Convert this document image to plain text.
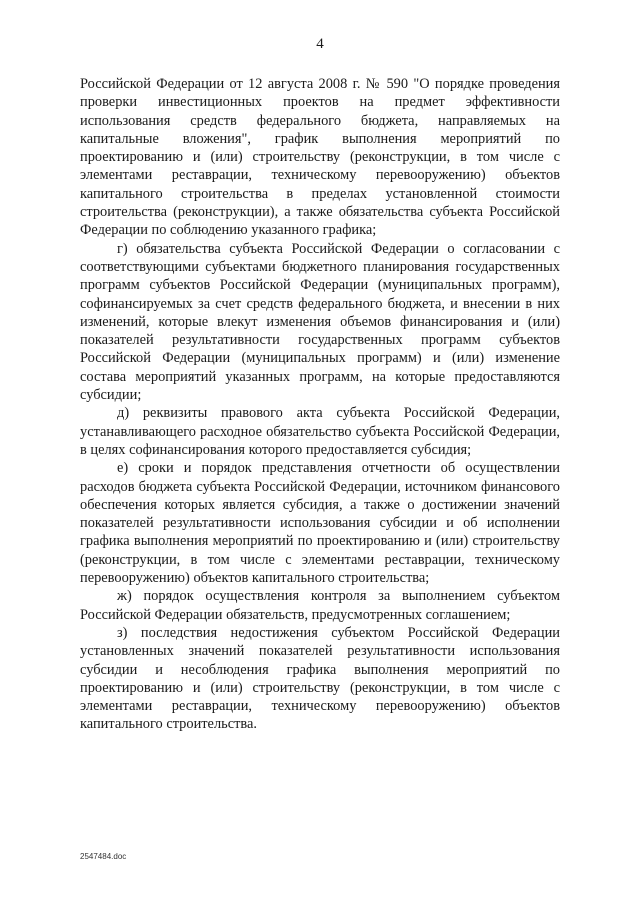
4

Российской Федерации от 12 августа 2008 г. № 590 "О порядке проведения проверки инвестиционных проектов на предмет эффективности использования средств федерального бюджета, направляемых на капитальные вложения", график выполнения мероприятий по проектированию и (или) строительству (реконструкции, в том числе с элементами реставрации, техническому перевооружению) объектов капитального строительства в пределах установленной стоимости строительства (реконструкции), а также обязательства субъекта Российской Федерации по соблюдению указанного графика;

г) обязательства субъекта Российской Федерации о согласовании с соответствующими субъектами бюджетного планирования государственных программ субъектов Российской Федерации (муниципальных программ), софинансируемых за счет средств федерального бюджета, и внесении в них изменений, которые влекут изменения объемов финансирования и (или) показателей результативности государственных программ субъектов Российской Федерации (муниципальных программ) и (или) изменение состава мероприятий указанных программ, на которые предоставляются субсидии;

д) реквизиты правового акта субъекта Российской Федерации, устанавливающего расходное обязательство субъекта Российской Федерации, в целях софинансирования которого предоставляется субсидия;

е) сроки и порядок представления отчетности об осуществлении расходов бюджета субъекта Российской Федерации, источником финансового обеспечения которых является субсидия, а также о достижении значений показателей результативности использования субсидии и об исполнении графика выполнения мероприятий по проектированию и (или) строительству (реконструкции, в том числе с элементами реставрации, техническому перевооружению) объектов капитального строительства;

ж) порядок осуществления контроля за выполнением субъектом Российской Федерации обязательств, предусмотренных соглашением;

з) последствия недостижения субъектом Российской Федерации установленных значений показателей результативности использования субсидии и несоблюдения графика выполнения мероприятий по проектированию и (или) строительству (реконструкции, в том числе с элементами реставрации, техническому перевооружению) объектов капитального строительства.

2547484.doc
